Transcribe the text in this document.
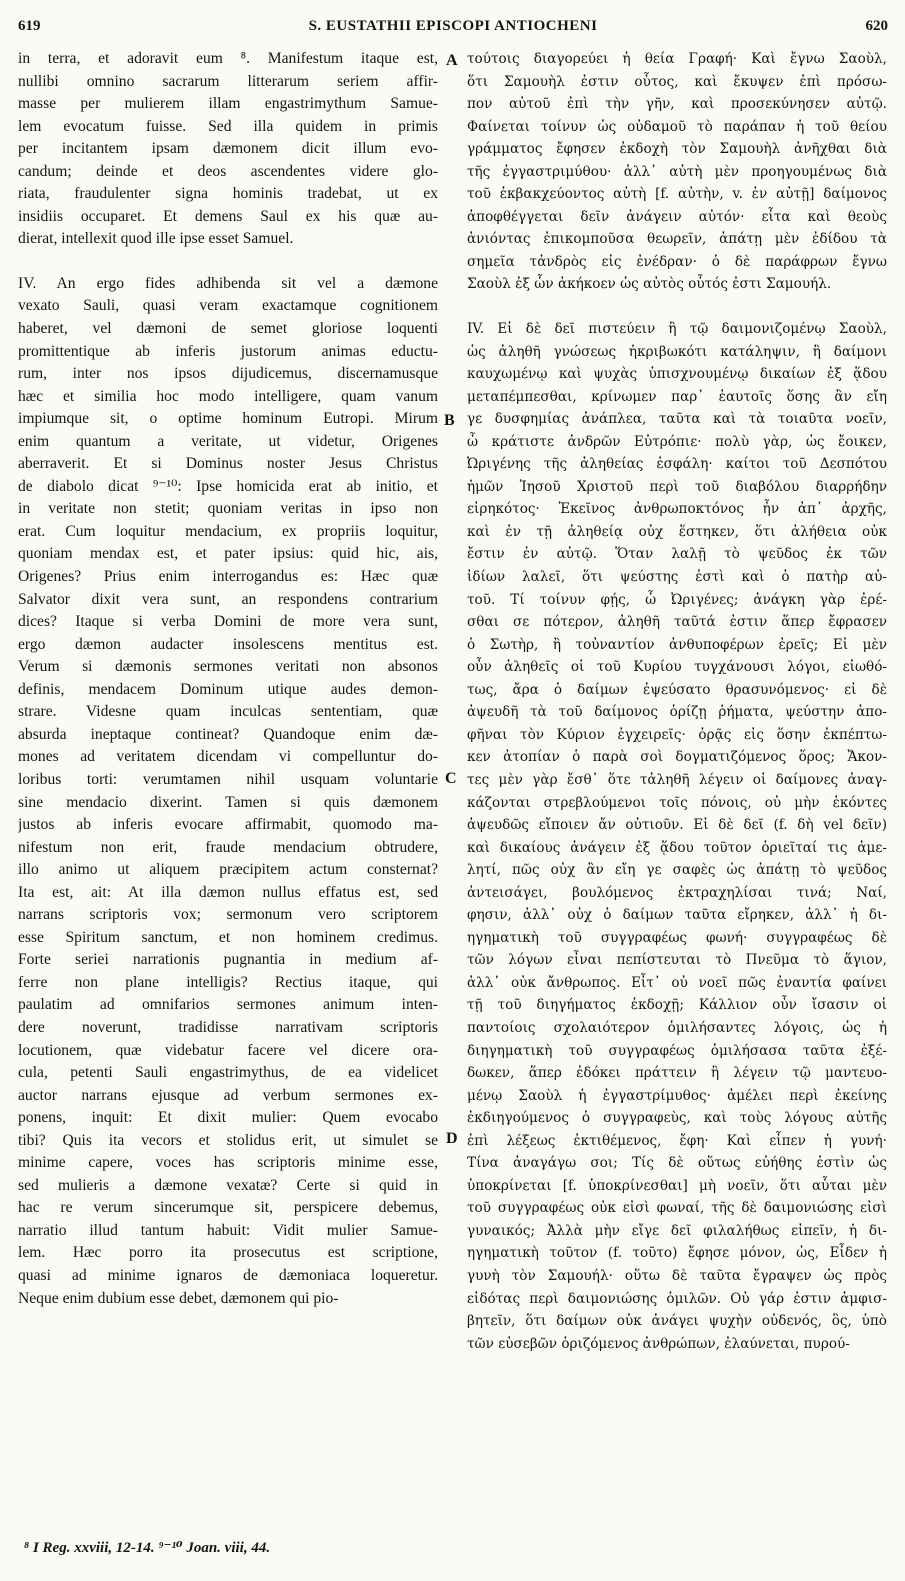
619	S. EUSTATHII EPISCOPI ANTIOCHENI	620
in terra, et adoravit eum ⁸. Manifestum itaque est,
nullibi omnino sacrarum litterarum seriem affir-
masse per mulierem illam engastrimythum Samue-
lem evocatum fuisse. Sed illa quidem in primis
per incitantem ipsam dæmonem dicit illum evo-
candum; deinde et deos ascendentes videre glo-
riata, fraudulenter signa hominis tradebat, ut ex
insidiis occuparet. Et demens Saul ex his quæ au-
dierat, intellexit quod ille ipse esset Samuel.
IV. An ergo fides adhibenda sit vel a dæmone
vexato Sauli, quasi veram exactamque cognitionem
haberet, vel dæmoni de semet gloriose loquenti
promittentique ab inferis justorum animas eductu-
rum, inter nos ipsos dijudicemus, discernamusque
hæc et similia hoc modo intelligere, quam vanum
impiumque sit, o optime hominum Eutropi. Mirum
enim quantum a veritate, ut videtur, Origenes
aberraverit. Et si Dominus noster Jesus Christus
de diabolo dicat ⁹⁻¹⁰: Ipse homicida erat ab initio, et
in veritate non stetit; quoniam veritas in ipso non
erat. Cum loquitur mendacium, ex propriis loquitur,
quoniam mendax est, et pater ipsius: quid hic, ais,
Origenes? Prius enim interrogandus es: Hæc quæ
Salvator dixit vera sunt, an respondens contrarium
dices? Itaque si verba Domini de more vera sunt,
ergo dæmon audacter insolescens mentitus est.
Verum si dæmonis sermones veritati non absonos
definis, mendacem Dominum utique audes demon-
strare. Videsne quam inculcas sententiam, quæ
absurda ineptaque contineat? Quandoque enim dæ-
mones ad veritatem dicendam vi compelluntur do-
loribus torti: verumtamen nihil usquam voluntarie
sine mendacio dixerint. Tamen si quis dæmonem
justos ab inferis evocare affirmabit, quomodo ma-
nifestum non erit, fraude mendacium obtrudere,
illo animo ut aliquem præcipitem actum consternat?
Ita est, ait: At illa dæmon nullus effatus est, sed
narrans scriptoris vox; sermonum vero scriptorem
esse Spiritum sanctum, et non hominem credimus.
Forte seriei narrationis pugnantia in medium af-
ferre non plane intelligis? Rectius itaque, qui
paulatim ad omnifarios sermones animum inten-
dere noverunt, tradidisse narrativam scriptoris
locutionem, quæ videbatur facere vel dicere ora-
cula, petenti Sauli engastrimythus, de ea videlicet
auctor narrans ejusque ad verbum sermones ex-
ponens, inquit: Et dixit mulier: Quem evocabo
tibi? Quis ita vecors et stolidus erit, ut simulet se
minime capere, voces has scriptoris minime esse,
sed mulieris a dæmone vexatæ? Certe si quid in
hac re verum sincerumque sit, perspicere debemus,
narratio illud tantum habuit: Vidit mulier Samue-
lem. Hæc porro ita prosecutus est scriptione,
quasi ad minime ignaros de dæmoniaca loqueretur.
Neque enim dubium esse debet, dæmonem qui pio-
τούτοις διαγορεύει ἡ θεία Γραφή· Καὶ ἔγνω Σαοὺλ,
ὅτι Σαμουὴλ ἐστιν οὗτος, καὶ ἔκυψεν ἐπὶ πρόσω-
πον αὐτοῦ ἐπὶ τὴν γῆν, καὶ προσεκύνησεν αὐτῷ.
Φαίνεται τοίνυν ὡς οὐδαμοῦ τὸ παράπαν ἡ τοῦ θείου
γράμματος ἔφησεν ἐκδοχὴ τὸν Σαμουὴλ ἀνῆχθαι διὰ
τῆς ἐγγαστριμύθου· ἀλλ᾽ αὐτὴ μὲν προηγουμένως διὰ
τοῦ ἐκβακχεύοντος αὐτὴ [f. αὐτὴν, v. ἐν αὐτῇ] δαίμονος
ἀποφθέγγεται δεῖν ἀνάγειν αὐτόν· εἶτα καὶ θεοὺς
ἀνιόντας ἐπικομποῦσα θεωρεῖν, ἀπάτῃ μὲν ἐδίδου τὰ
σημεῖα τἀνδρὸς εἰς ἐνέδραν· ὁ δὲ παράφρων ἔγνω
Σαοὺλ ἐξ ὧν ἀκήκοεν ὡς αὐτὸς οὗτός ἐστι Σαμουήλ.
IV. Εἰ δὲ δεῖ πιστεύειν ἢ τῷ δαιμονιζομένῳ Σαοὺλ,
ὡς ἀληθῆ γνώσεως ἠκριβωκότι κατάληψιν, ἢ δαίμονι
καυχωμένῳ καὶ ψυχὰς ὑπισχνουμένῳ δικαίων ἐξ ᾅδου
μεταπέμπεσθαι, κρίνωμεν παρ᾽ ἑαυτοῖς ὅσης ἂν εἴη
γε δυσφημίας ἀνάπλεα, ταῦτα καὶ τὰ τοιαῦτα νοεῖν,
ὦ κράτιστε ἀνδρῶν Εὐτρόπιε· πολὺ γὰρ, ὡς ἔοικεν,
Ὠριγένης τῆς ἀληθείας ἐσφάλη· καίτοι τοῦ Δεσπότου
ἡμῶν Ἰησοῦ Χριστοῦ περὶ τοῦ διαβόλου διαρρήδην
εἰρηκότος· Ἐκεῖνος ἀνθρωποκτόνος ἦν ἀπ᾽ ἀρχῆς,
καὶ ἐν τῇ ἀληθείᾳ οὐχ ἕστηκεν, ὅτι ἀλήθεια οὐκ
ἔστιν ἐν αὐτῷ. Ὅταν λαλῇ τὸ ψεῦδος ἐκ τῶν
ἰδίων λαλεῖ, ὅτι ψεύστης ἐστὶ καὶ ὁ πατὴρ αὐ-
τοῦ. Τί τοίνυν φῄς, ὦ Ὠριγένες; ἀνάγκη γὰρ ἐρέ-
σθαι σε πότερον, ἀληθῆ ταῦτά ἐστιν ἅπερ ἔφρασεν
ὁ Σωτὴρ, ἢ τοὐναντίον ἀνθυποφέρων ἐρεῖς; Εἰ μὲν
οὖν ἀληθεῖς οἱ τοῦ Κυρίου τυγχάνουσι λόγοι, εἰωθό-
τως, ἄρα ὁ δαίμων ἐψεύσατο θρασυνόμενος· εἰ δὲ
ἀψευδῆ τὰ τοῦ δαίμονος ὁρίζῃ ῥήματα, ψεύστην ἀπο-
φῆναι τὸν Κύριον ἐγχειρεῖς· ὁρᾷς εἰς ὅσην ἐκπέπτω-
κεν ἀτοπίαν ὁ παρὰ σοὶ δογματιζόμενος ὅρος; Ἄκον-
τες μὲν γὰρ ἔσθ᾽ ὅτε τἀληθῆ λέγειν οἱ δαίμονες ἀναγ-
κάζονται στρεβλούμενοι τοῖς πόνοις, οὐ μὴν ἑκόντες
ἀψευδῶς εἴποιεν ἄν οὐτιοῦν. Εἰ δὲ δεῖ (f. δὴ vel δεῖν)
καὶ δικαίους ἀνάγειν ἐξ ᾅδου τοῦτον ὁριεῖταί τις ἀμε-
λητί, πῶς οὐχ ἂν εἴη γε σαφὲς ὡς ἀπάτῃ τὸ ψεῦδος
ἀντεισάγει, βουλόμενος ἐκτραχηλίσαι τινά; Ναί,
φησιν, ἀλλ᾽ οὐχ ὁ δαίμων ταῦτα εἴρηκεν, ἀλλ᾽ ἡ δι-
ηγηματικὴ τοῦ συγγραφέως φωνή· συγγραφέως δὲ
τῶν λόγων εἶναι πεπίστευται τὸ Πνεῦμα τὸ ἅγιον,
ἀλλ᾽ οὐκ ἄνθρωπος. Εἶτ᾽ οὐ νοεῖ πῶς ἐναντία φαίνει
τῇ τοῦ διηγήματος ἐκδοχῇ; Κάλλιον οὖν ἴσασιν οἱ
παντοίοις σχολαιότερον ὁμιλήσαντες λόγοις, ὡς ἡ
διηγηματικὴ τοῦ συγγραφέως ὁμιλήσασα ταῦτα ἐξέ-
δωκεν, ἅπερ ἐδόκει πράττειν ἢ λέγειν τῷ μαντευο-
μένῳ Σαοὺλ ἡ ἐγγαστρίμυθος· ἀμέλει περὶ ἐκείνης
ἐκδιηγούμενος ὁ συγγραφεὺς, καὶ τοὺς λόγους αὐτῆς
ἐπὶ λέξεως ἐκτιθέμενος, ἔφη· Καὶ εἶπεν ἡ γυνή·
Τίνα ἀναγάγω σοι; Τίς δὲ οὕτως εὐήθης ἐστὶν ὡς
ὑποκρίνεται [f. ὑποκρίνεσθαι] μὴ νοεῖν, ὅτι αὗται μὲν
τοῦ συγγραφέως οὐκ εἰσὶ φωναί, τῆς δὲ δαιμονιώσης εἰσὶ
γυναικός; Ἀλλὰ μὴν εἴγε δεῖ φιλαλήθως εἰπεῖν, ἡ δι-
ηγηματικὴ τοῦτον (f. τοῦτο) ἔφησε μόνον, ὡς, Εἶδεν ἡ
γυνὴ τὸν Σαμουήλ· οὕτω δὲ ταῦτα ἔγραψεν ὡς πρὸς
εἰδότας περὶ δαιμονιώσης ὁμιλῶν. Οὐ γάρ ἐστιν ἀμφισ-
βητεῖν, ὅτι δαίμων οὐκ ἀνάγει ψυχὴν οὐδενός, ὃς, ὑπὸ
τῶν εὐσεβῶν ὁριζόμενος ἀνθρώπων, ἐλαύνεται, πυρού-
A
B
C
D
⁸ I Reg. xxviii, 12-14. ⁹⁻¹⁰ Joan. viii, 44.
